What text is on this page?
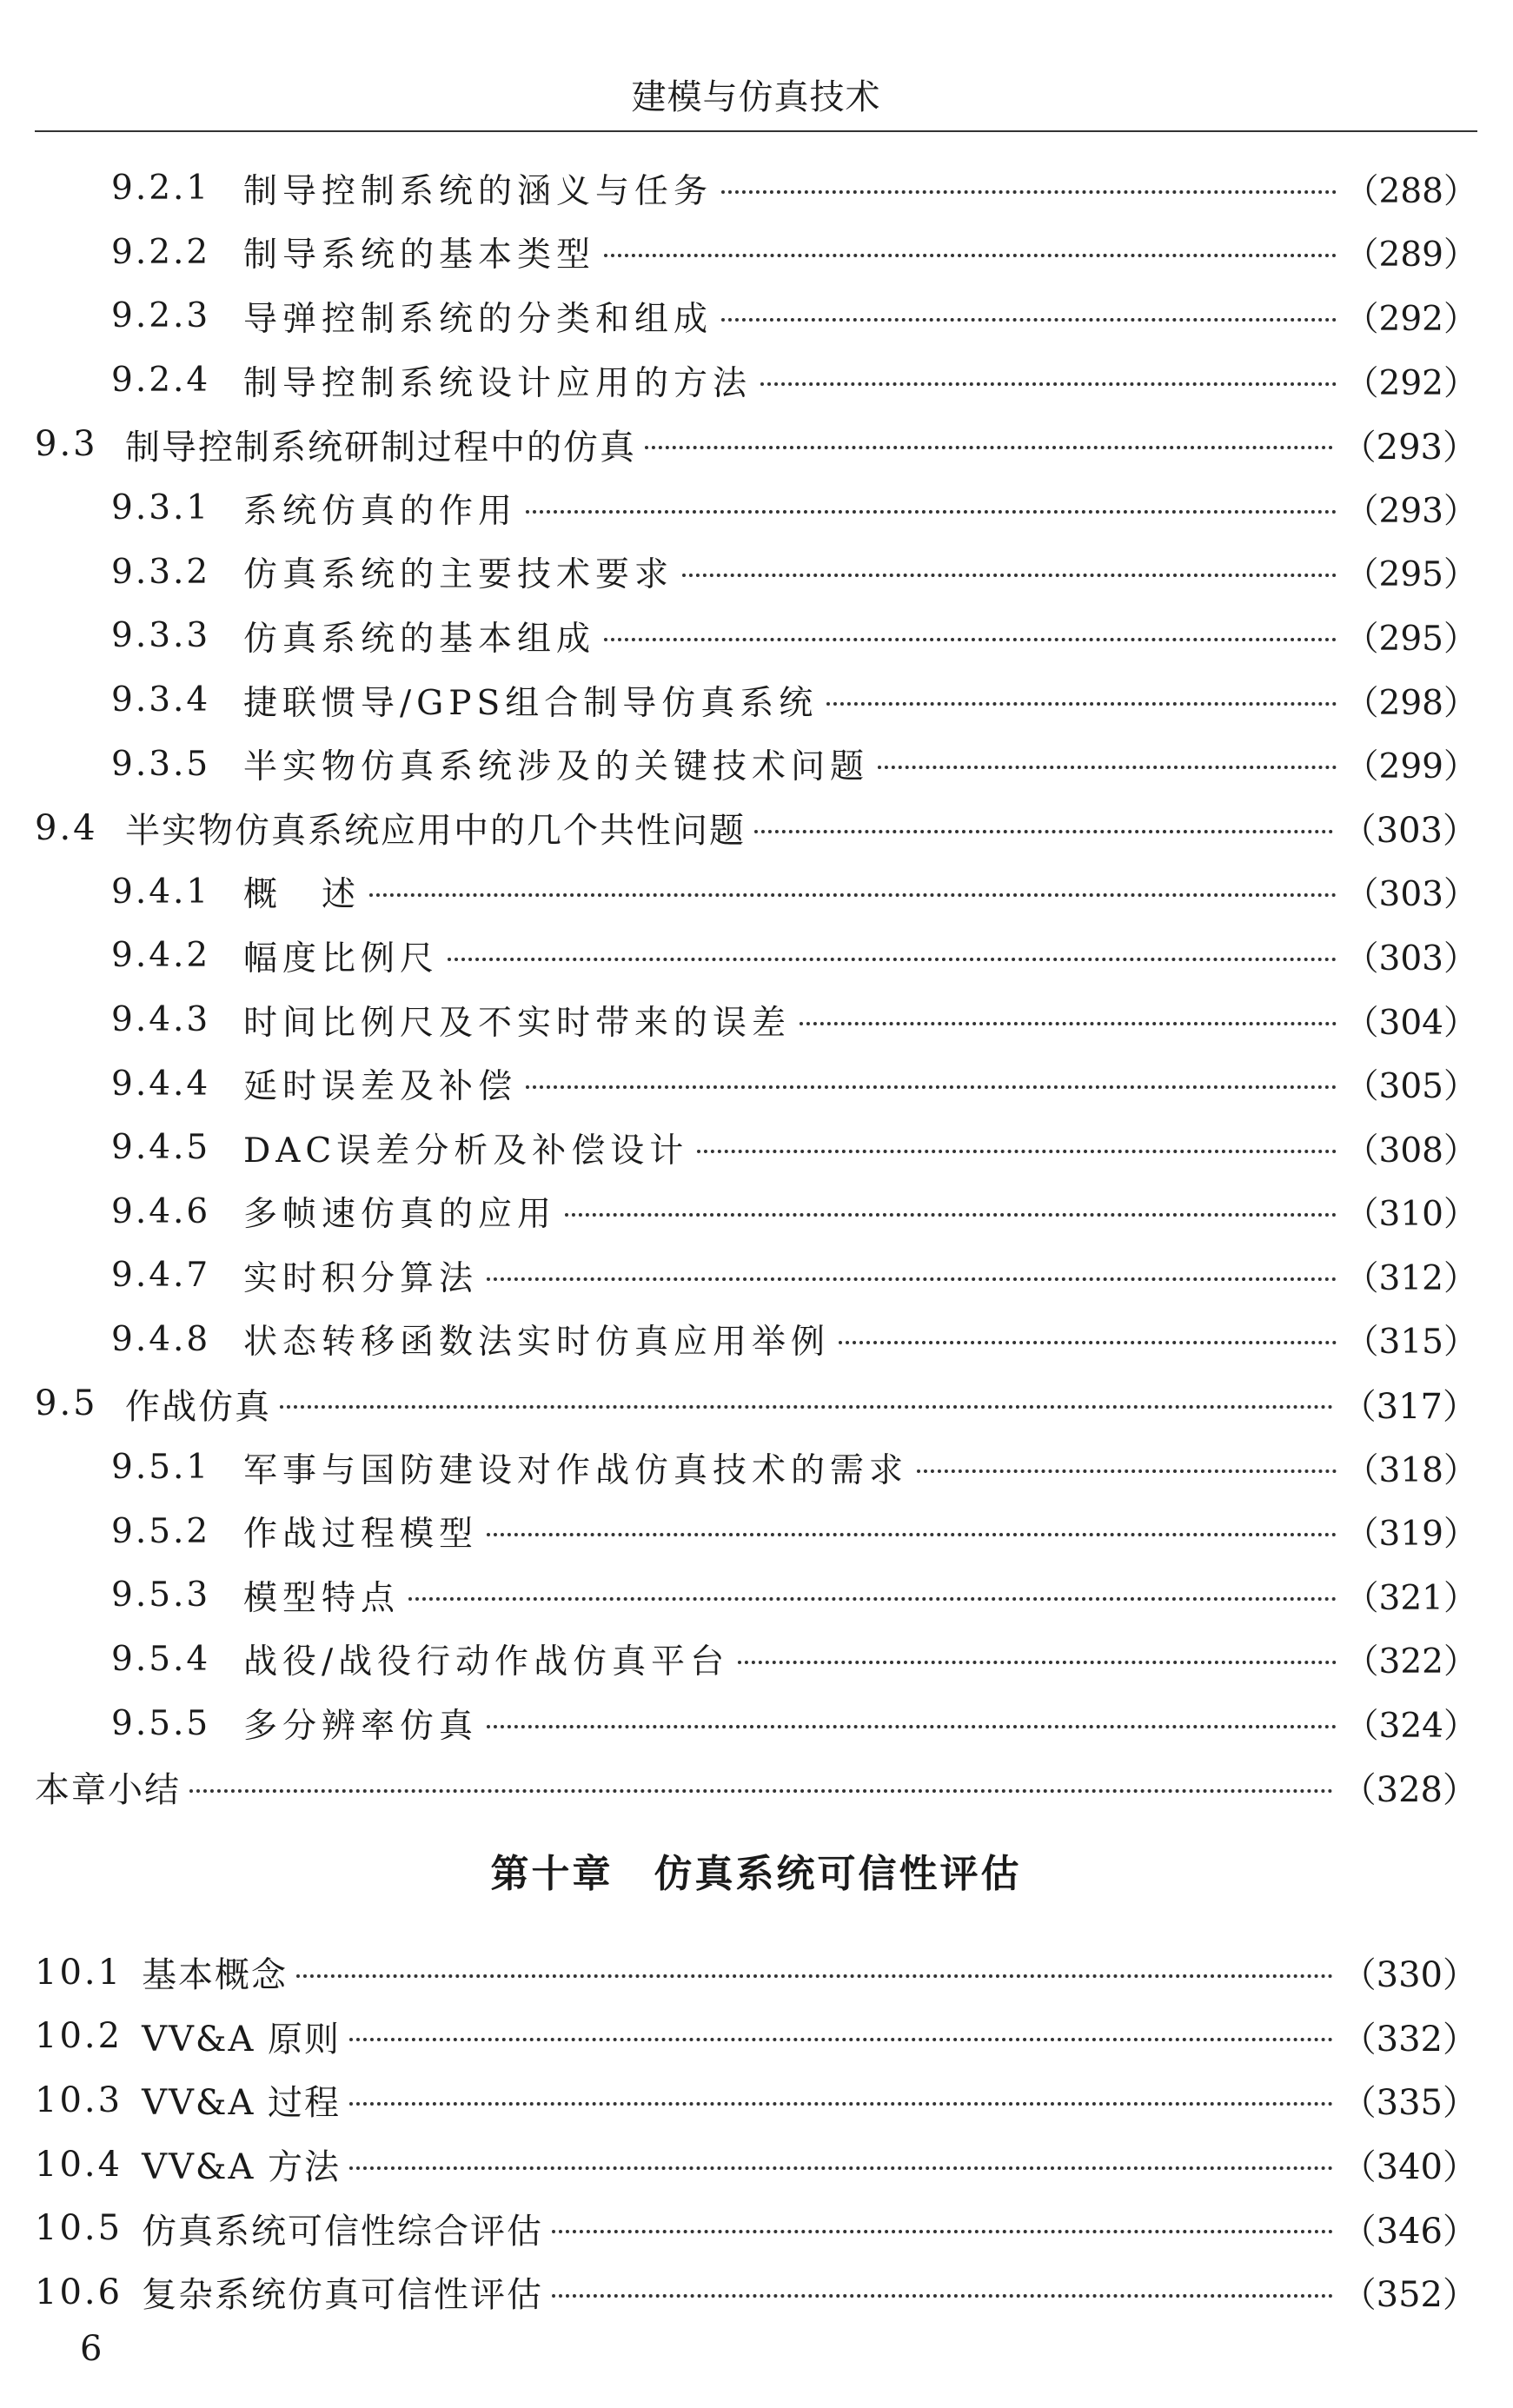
建模与仿真技术
9.2.1 制导控制系统的涵义与任务	（288）
9.2.2 制导系统的基本类型	（289）
9.2.3 导弹控制系统的分类和组成	（292）
9.2.4 制导控制系统设计应用的方法	（292）
9.3 制导控制系统研制过程中的仿真	（293）
9.3.1 系统仿真的作用	（293）
9.3.2 仿真系统的主要技术要求	（295）
9.3.3 仿真系统的基本组成	（295）
9.3.4 捷联惯导/GPS组合制导仿真系统	（298）
9.3.5 半实物仿真系统涉及的关键技术问题	（299）
9.4 半实物仿真系统应用中的几个共性问题	（303）
9.4.1 概　述	（303）
9.4.2 幅度比例尺	（303）
9.4.3 时间比例尺及不实时带来的误差	（304）
9.4.4 延时误差及补偿	（305）
9.4.5 DAC误差分析及补偿设计	（308）
9.4.6 多帧速仿真的应用	（310）
9.4.7 实时积分算法	（312）
9.4.8 状态转移函数法实时仿真应用举例	（315）
9.5 作战仿真	（317）
9.5.1 军事与国防建设对作战仿真技术的需求	（318）
9.5.2 作战过程模型	（319）
9.5.3 模型特点	（321）
9.5.4 战役/战役行动作战仿真平台	（322）
9.5.5 多分辨率仿真	（324）
本章小结	（328）
第十章　仿真系统可信性评估
10.1 基本概念	（330）
10.2 VV&A 原则	（332）
10.3 VV&A 过程	（335）
10.4 VV&A 方法	（340）
10.5 仿真系统可信性综合评估	（346）
10.6 复杂系统仿真可信性评估	（352）
6
